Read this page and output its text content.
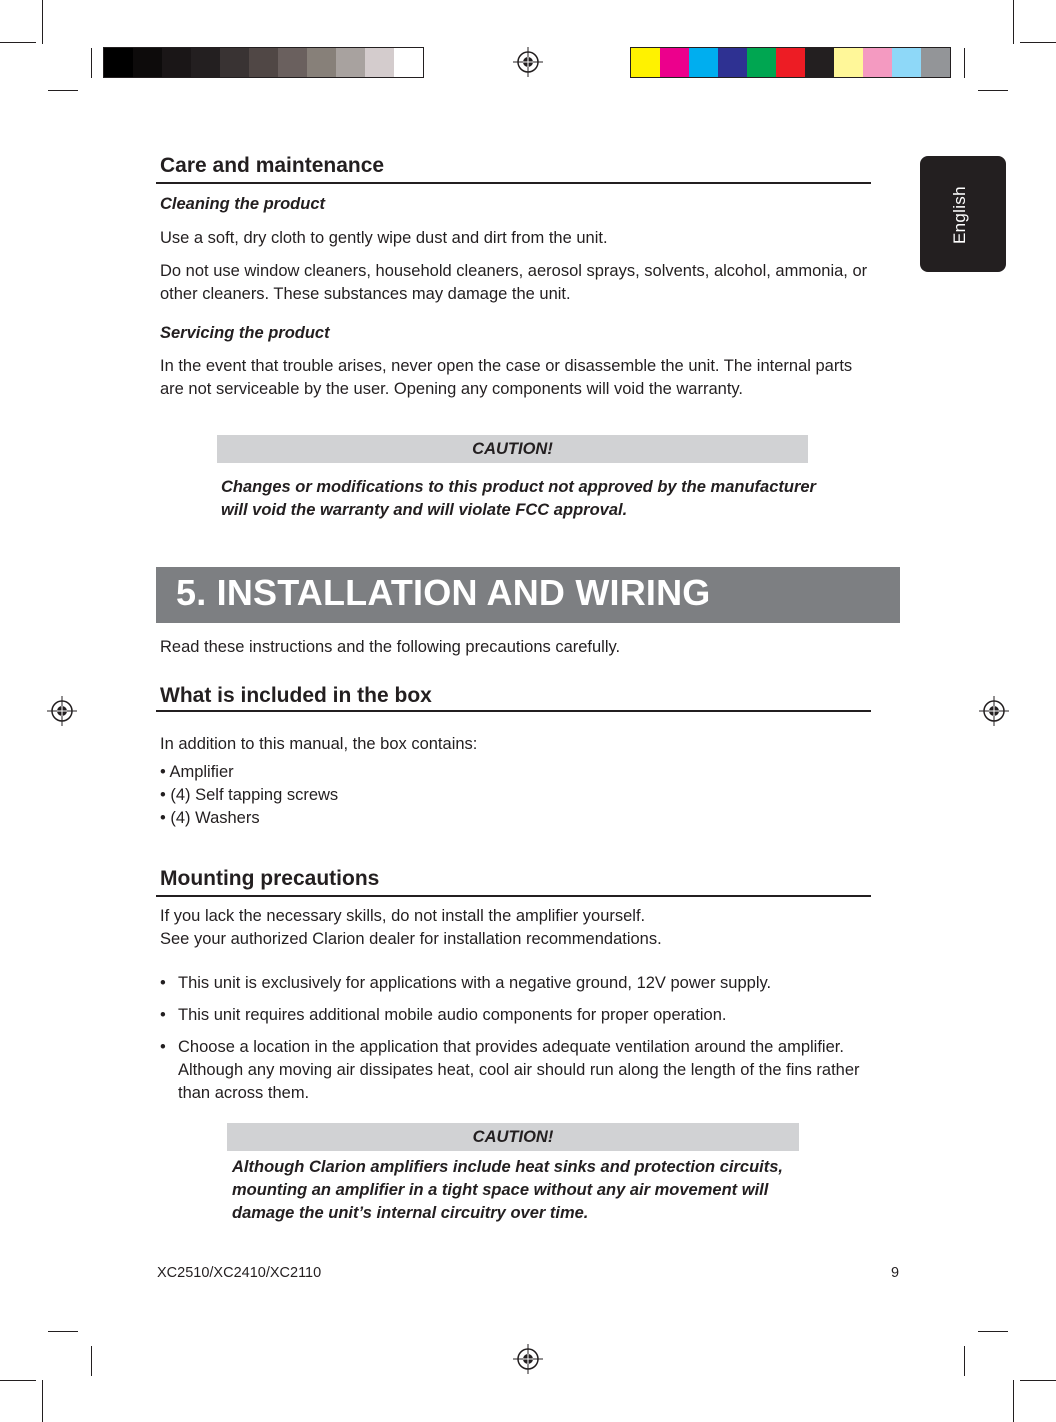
English
Care and maintenance
Cleaning the product

Use a soft, dry cloth to gently wipe dust and dirt from the unit.

Do not use window cleaners, household cleaners, aerosol sprays, solvents, alcohol, ammonia, or other cleaners. These substances may damage the unit.

Servicing the product

In the event that trouble arises, never open the case or disassemble the unit. The internal parts are not serviceable by the user. Opening any components will void the warranty.

CAUTION!

Changes or modifications to this product not approved by the manufacturer will void the warranty and will violate FCC approval.

5. INSTALLATION AND WIRING

Read these instructions and the following precautions carefully.

What is included in the box

In addition to this manual, the box contains:

• Amplifier
• (4) Self tapping screws
• (4) Washers
Mounting precautions

If you lack the necessary skills, do not install the amplifier yourself.

See your authorized Clarion dealer for installation recommendations.

• This unit is exclusively for applications with a negative ground, 12V power supply.
• This unit requires additional mobile audio components for proper operation.
• Choose a location in the application that provides adequate ventilation around the amplifier. Although any moving air dissipates heat, cool air should run along the length of the fins rather than across them.
CAUTION!

Although Clarion amplifiers include heat sinks and protection circuits, mounting an amplifier in a tight space without any air movement will damage the unit’s internal circuitry over time.

XC2510/XC2410/XC2110	9
